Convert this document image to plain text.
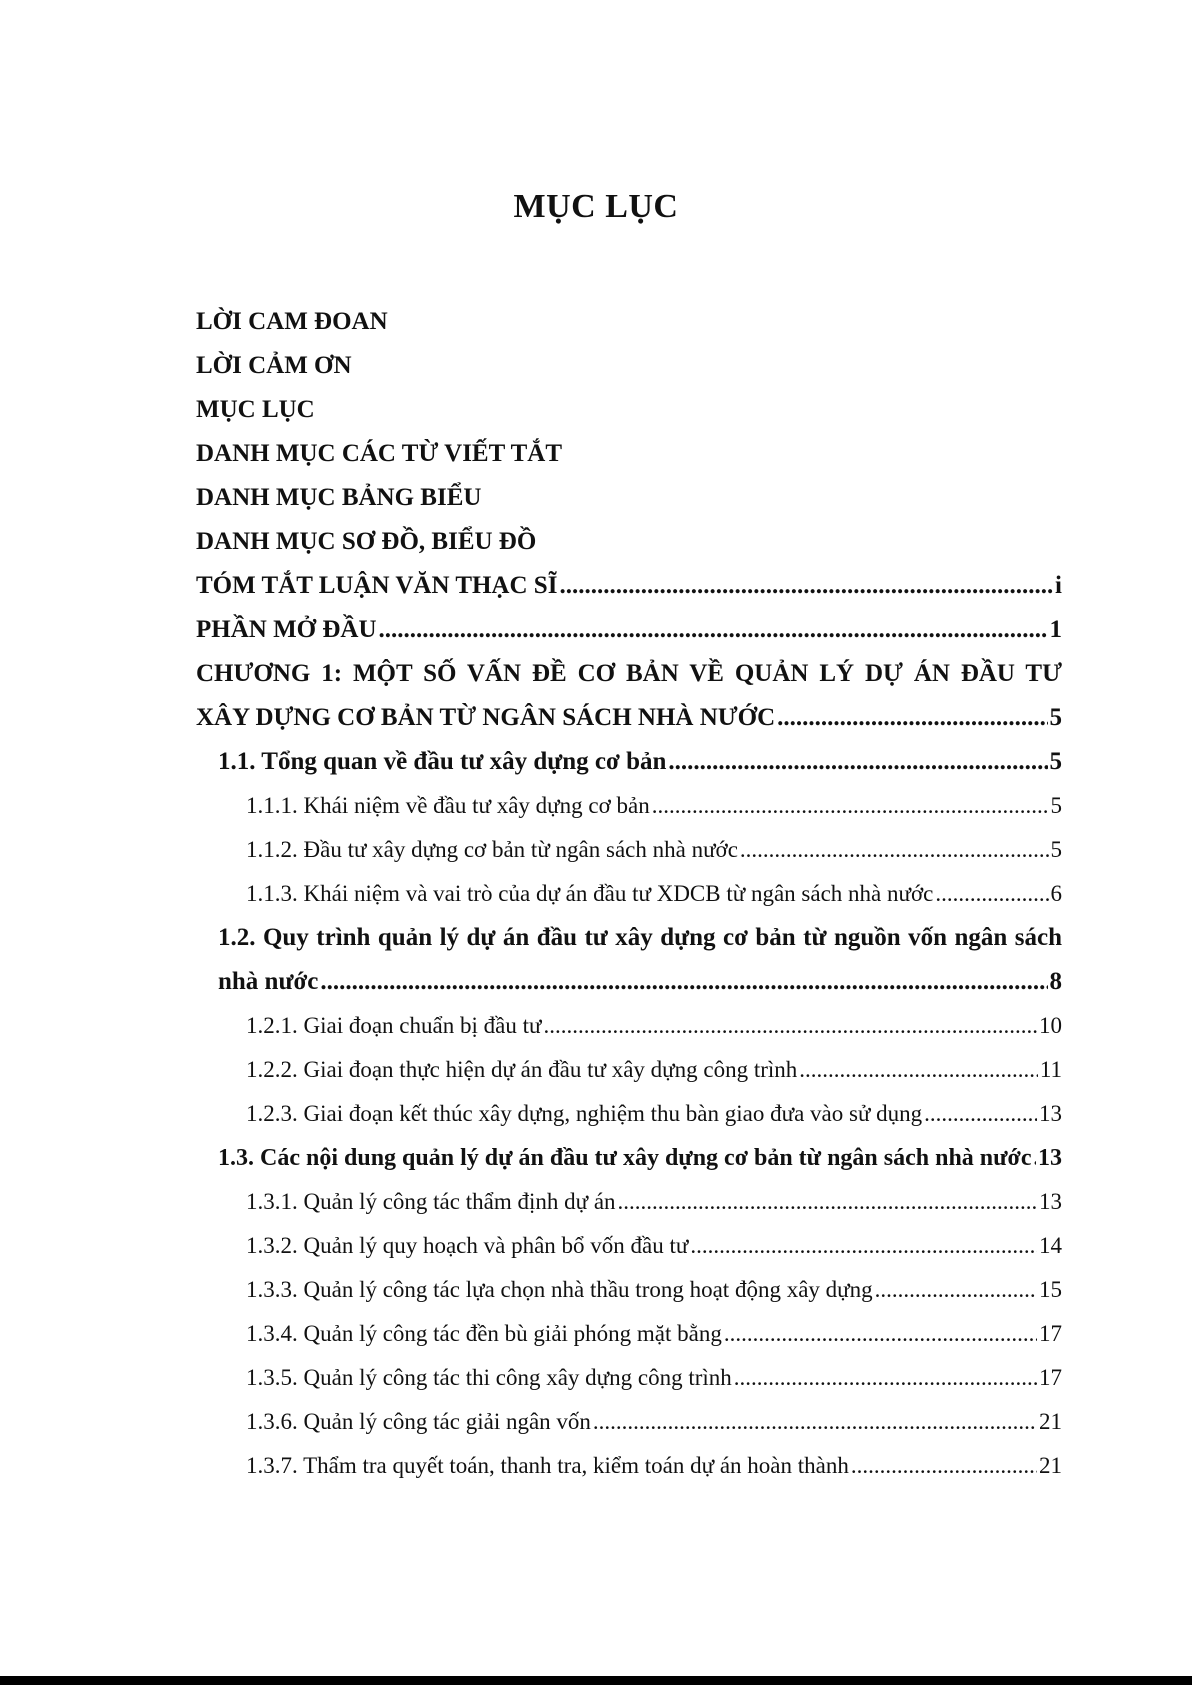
MỤC LỤC
LỜI CAM ĐOAN
LỜI CẢM ƠN
MỤC LỤC
DANH MỤC CÁC TỪ VIẾT TẮT
DANH MỤC BẢNG BIỂU
DANH MỤC SƠ ĐỒ, BIỂU ĐỒ
TÓM TẮT LUẬN VĂN THẠC SĨ .....	i
PHẦN MỞ ĐẦU .....	1
CHƯƠNG 1: MỘT SỐ VẤN ĐỀ CƠ BẢN VỀ QUẢN LÝ DỰ ÁN ĐẦU TƯ
XÂY DỰNG CƠ BẢN TỪ NGÂN SÁCH NHÀ NƯỚC .....	5
1.1. Tổng quan về đầu tư xây dựng cơ bản .....	5
1.1.1. Khái niệm về đầu tư xây dựng cơ bản .....	5
1.1.2. Đầu tư xây dựng cơ bản từ ngân sách nhà nước .....	5
1.1.3. Khái niệm và vai trò của dự án đầu tư XDCB từ ngân sách nhà nước .....	6
1.2. Quy trình quản lý dự án đầu tư xây dựng cơ bản từ nguồn vốn ngân sách
nhà nước .....	8
1.2.1. Giai đoạn chuẩn bị đầu tư .....	10
1.2.2. Giai đoạn thực hiện dự án đầu tư xây dựng công trình .....	11
1.2.3. Giai đoạn kết thúc xây dựng, nghiệm thu bàn giao đưa vào sử dụng .....	13
1.3. Các nội dung quản lý dự án đầu tư xây dựng cơ bản từ ngân sách nhà nước ..... 13
1.3.1. Quản lý công tác thẩm định dự án .....	13
1.3.2. Quản lý quy hoạch và phân bổ vốn đầu tư .....	14
1.3.3. Quản lý công tác lựa chọn nhà thầu trong hoạt động xây dựng .....	15
1.3.4. Quản lý công tác đền bù giải phóng mặt bằng .....	17
1.3.5. Quản lý công tác thi công xây dựng công trình .....	17
1.3.6. Quản lý công tác giải ngân vốn .....	21
1.3.7. Thẩm tra quyết toán, thanh tra, kiểm toán dự án hoàn thành .....	21
